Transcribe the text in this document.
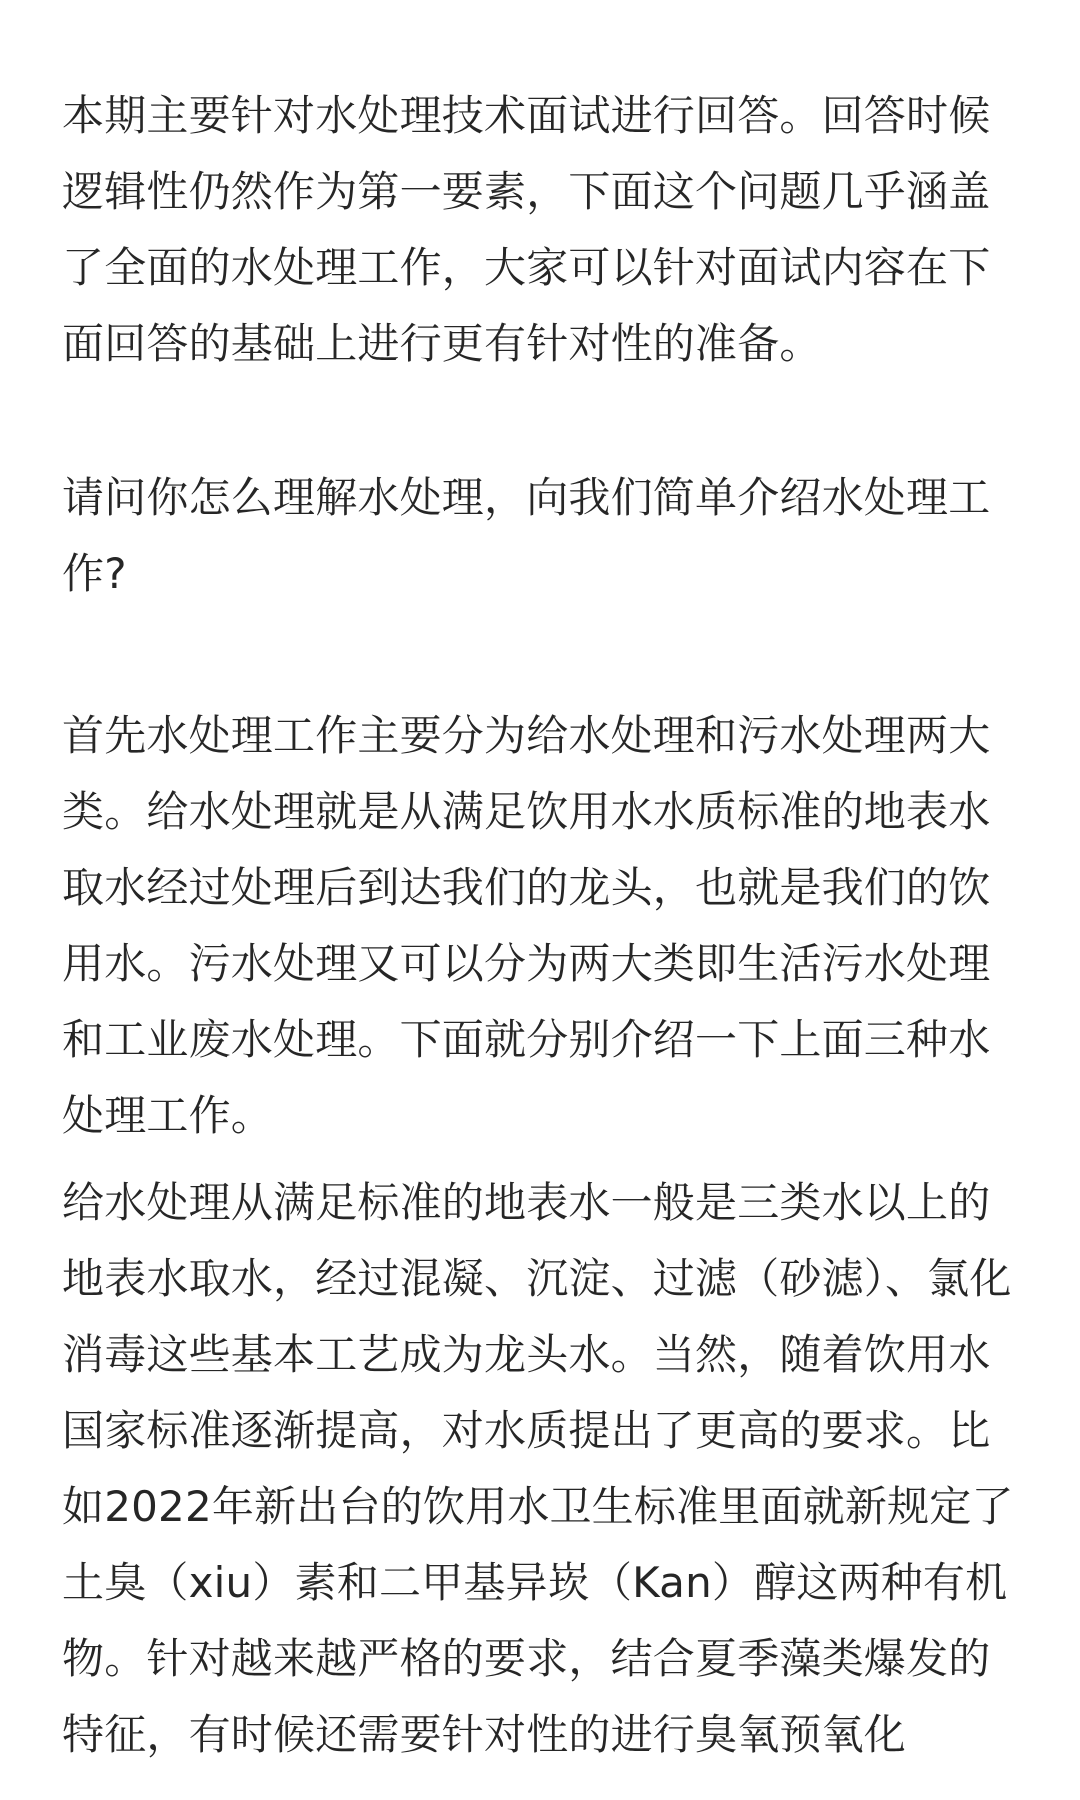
本期主要针对水处理技术面试进行回答。回答时候逻辑性仍然作为第一要素，下面这个问题几乎涵盖了全面的水处理工作，大家可以针对面试内容在下面回答的基础上进行更有针对性的准备。

请问你怎么理解水处理，向我们简单介绍水处理工作?

首先水处理工作主要分为给水处理和污水处理两大类。给水处理就是从满足饮用水水质标准的地表水取水经过处理后到达我们的龙头，也就是我们的饮用水。污水处理又可以分为两大类即生活污水处理和工业废水处理。下面就分别介绍一下上面三种水处理工作。

给水处理从满足标准的地表水一般是三类水以上的地表水取水，经过混凝、沉淀、过滤（砂滤）、氯化消毒这些基本工艺成为龙头水。当然，随着饮用水国家标准逐渐提高，对水质提出了更高的要求。比如2022年新出台的饮用水卫生标准里面就新规定了土臭（xiu）素和二甲基异崁（Kan）醇这两种有机物。针对越来越严格的要求，结合夏季藻类爆发的特征，有时候还需要针对性的进行臭氧预氧化
